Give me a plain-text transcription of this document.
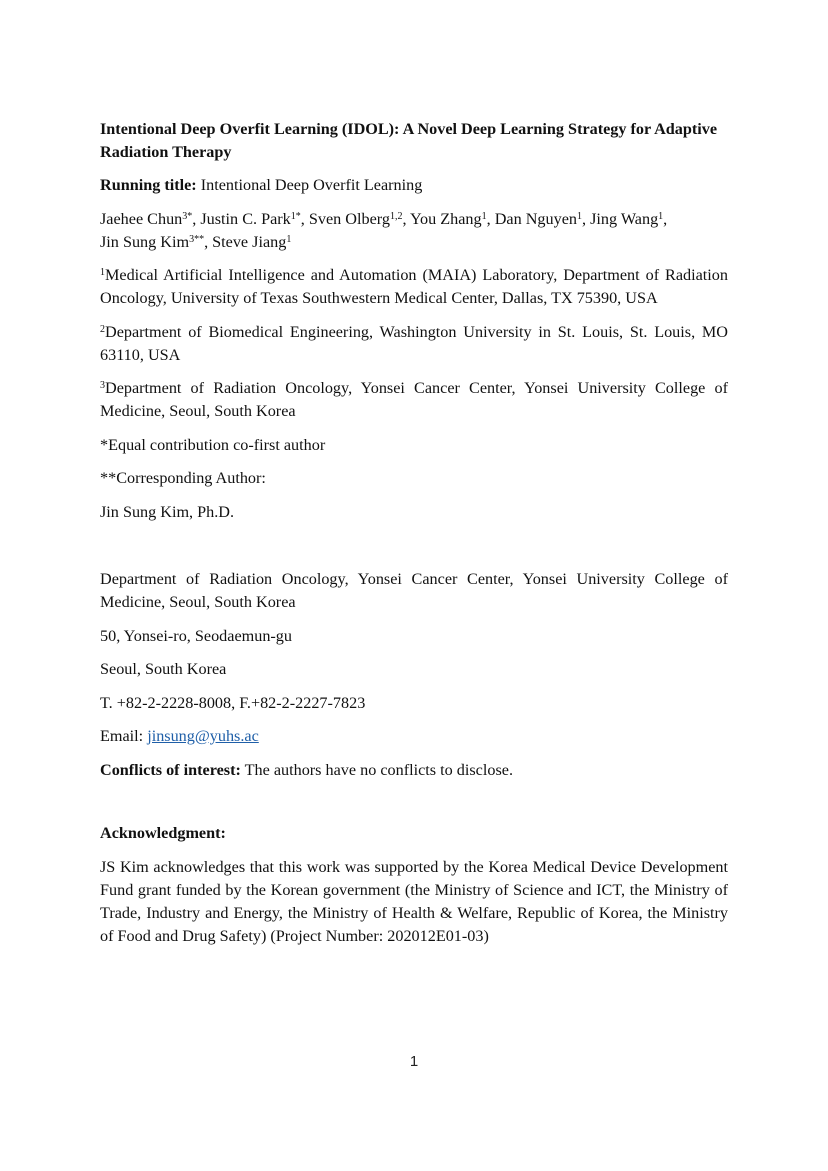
Intentional Deep Overfit Learning (IDOL): A Novel Deep Learning Strategy for Adaptive Radiation Therapy

Running title: Intentional Deep Overfit Learning

Jaehee Chun$^{3*}$, Justin C. Park$^{1*}$, Sven Olberg$^{1,2}$, You Zhang$^1$, Dan Nguyen$^1$, Jing Wang$^1$,
Jin Sung Kim$^{3**}$, Steve Jiang$^1$

$^1$Medical Artificial Intelligence and Automation (MAIA) Laboratory, Department of Radiation Oncology, University of Texas Southwestern Medical Center, Dallas, TX 75390, USA

$^2$Department of Biomedical Engineering, Washington University in St. Louis, St. Louis, MO 63110, USA

$^3$Department of Radiation Oncology, Yonsei Cancer Center, Yonsei University College of Medicine, Seoul, South Korea

*Equal contribution co-first author

**Corresponding Author:

Jin Sung Kim, Ph.D.

Department of Radiation Oncology, Yonsei Cancer Center, Yonsei University College of Medicine, Seoul, South Korea

50, Yonsei-ro, Seodaemun-gu

Seoul, South Korea

T. +82-2-2228-8008, F.+82-2-2227-7823

Email: jinsung@yuhs.ac

Conflicts of interest: The authors have no conflicts to disclose.

Acknowledgment:

JS Kim acknowledges that this work was supported by the Korea Medical Device Development Fund grant funded by the Korean government (the Ministry of Science and ICT, the Ministry of Trade, Industry and Energy, the Ministry of Health & Welfare, Republic of Korea, the Ministry of Food and Drug Safety) (Project Number: 202012E01-03)

1
